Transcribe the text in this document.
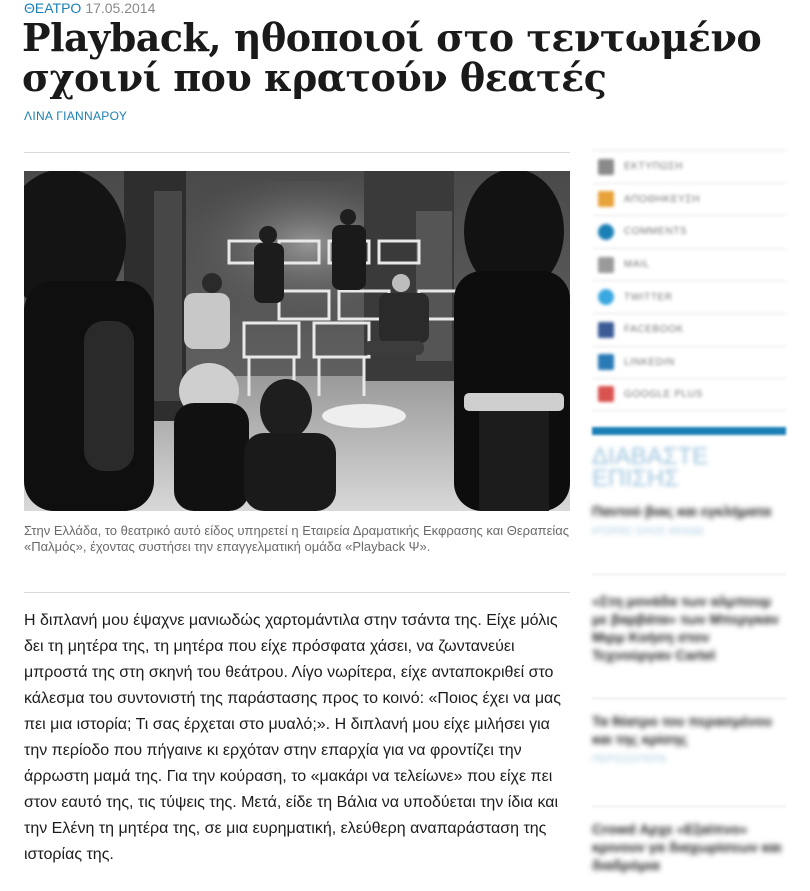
ΘΕΑΤΡΟ 17.05.2014
Playback, ηθοποιοί στο τεντωμένο σχοινί που κρατούν θεατές
ΛΙΝΑ ΓΙΑΝΝΑΡΟΥ

Στην Ελλάδα, το θεατρικό αυτό είδος υπηρετεί η Εταιρεία Δραματικής Εκφρασης και Θεραπείας «Παλμός», έχοντας συστήσει την επαγγελματική ομάδα «Playback Ψ».

Η διπλανή μου έψαχνε μανιωδώς χαρτομάντιλα στην τσάντα της. Είχε μόλις δει τη μητέρα της, τη μητέρα που είχε πρόσφατα χάσει, να ζωντανεύει μπροστά της στη σκηνή του θεάτρου. Λίγο νωρίτερα, είχε ανταποκριθεί στο κάλεσμα του συντονιστή της παράστασης προς το κοινό: «Ποιος έχει να μας πει μια ιστορία; Τι σας έρχεται στο μυαλό;». Η διπλανή μου είχε μιλήσει για την περίοδο που πήγαινε κι ερχόταν στην επαρχία για να φροντίζει την άρρωστη μαμά της. Για την κούραση, το «μακάρι να τελείωνε» που είχε πει στον εαυτό της, τις τύψεις της. Μετά, είδε τη Βάλια να υποδύεται την ίδια και την Ελένη τη μητέρα της, σε μια ευρηματική, ελεύθερη αναπαράσταση της ιστορίας της.

ΕΚΤΥΠΩΣΗ
ΑΠΟΘΗΚΕΥΣΗ
COMMENTS
MAIL
TWITTER
FACEBOOK
LINKEDIN
GOOGLE PLUS
ΔΙΑΒΑΣΤΕ ΕΠΙΣΗΣ
Παντού βιας και εγκλήματα
#ΤΩΡΑΣ ΟΛΟΣ ΑΚΑΔΕ
«Στη μονάδα των αλμπουμ με βαρβάτα» των Μπεργκαν Μιρμ Κοήση στον Τεχνούργαν Cartel
Τα θέατρο του περασμένου και της κρίσης
ΠΕΡΙΣΣΟΤΕΡΑ
Crowd Αρχε «Εξαίπνο» κρινουν γα διαχωρίσεων και διαδρόμια
